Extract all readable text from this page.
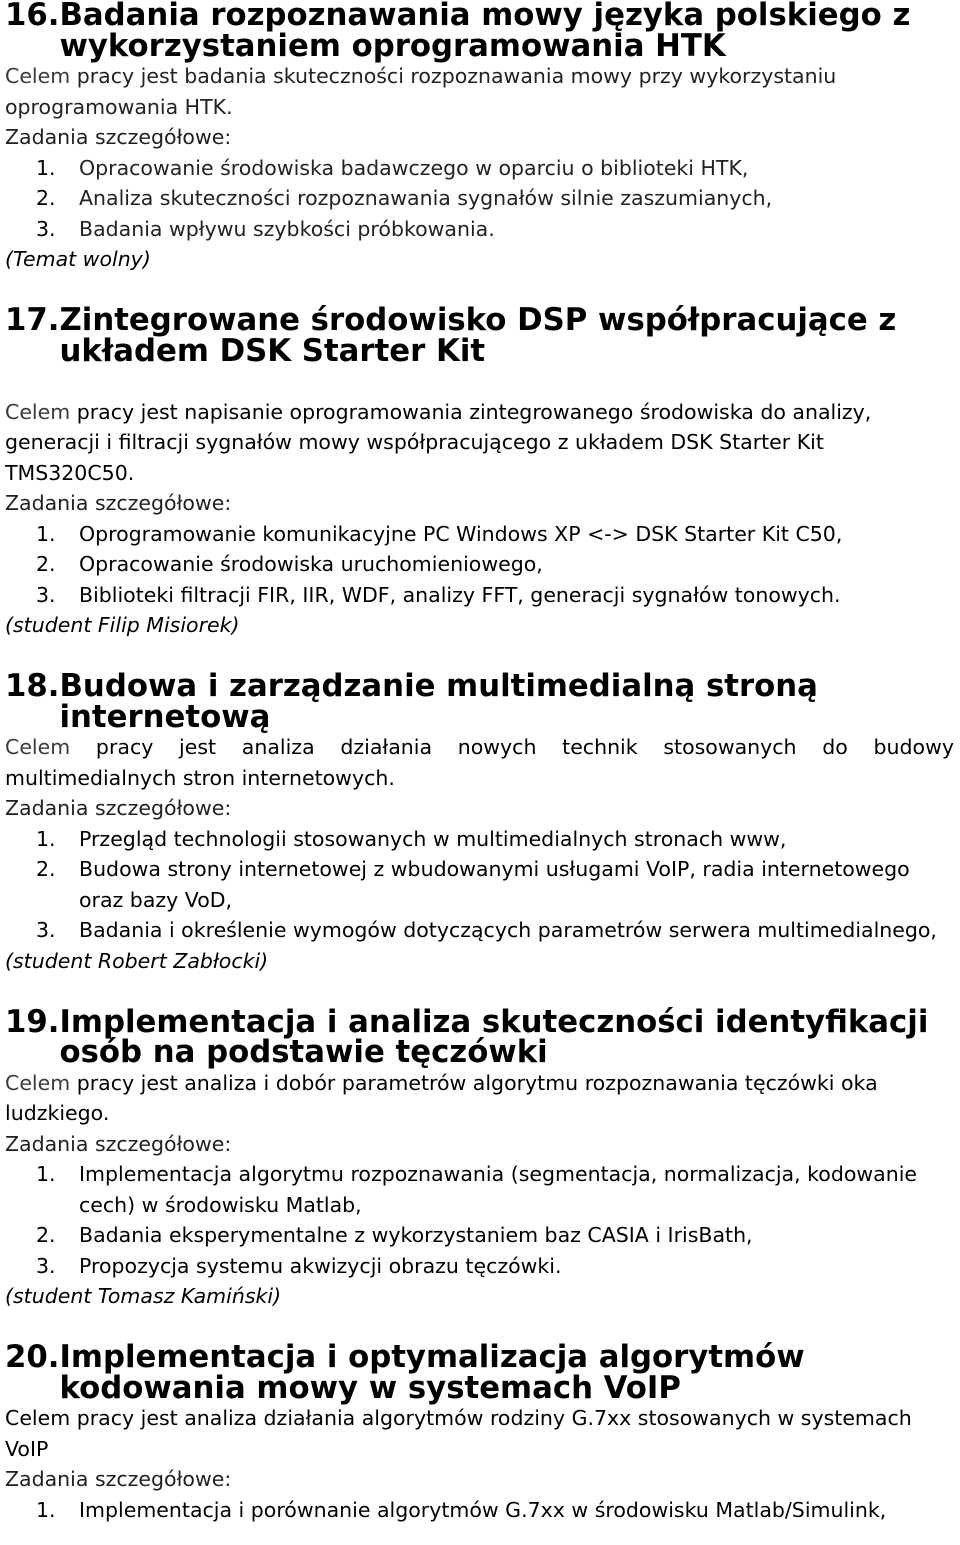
16. Badania rozpoznawania mowy języka polskiego z wykorzystaniem oprogramowania HTK

Celem pracy jest badania skuteczności rozpoznawania mowy przy wykorzystaniu oprogramowania HTK.

Zadania szczegółowe:

1.	Opracowanie środowiska badawczego w oparciu o biblioteki HTK,
2.	Analiza skuteczności rozpoznawania sygnałów silnie zaszumianych,
3.	Badania wpływu szybkości próbkowania.

(Temat wolny)

17. Zintegrowane środowisko DSP współpracujące z układem DSK Starter Kit

Celem pracy jest napisanie oprogramowania zintegrowanego środowiska do analizy, generacji i filtracji sygnałów mowy współpracującego z układem DSK Starter Kit TMS320C50.

Zadania szczegółowe:

1.	Oprogramowanie komunikacyjne PC Windows XP <-> DSK Starter Kit C50,
2.	Opracowanie środowiska uruchomieniowego,
3.	Biblioteki filtracji FIR, IIR, WDF, analizy FFT, generacji sygnałów tonowych.

(student Filip Misiorek)

18. Budowa i zarządzanie multimedialną stroną internetową

Celem pracy jest analiza działania nowych technik stosowanych do budowy multimedialnych stron internetowych.

Zadania szczegółowe:

1.	Przegląd technologii stosowanych w multimedialnych stronach www,
2.	Budowa strony internetowej z wbudowanymi usługami VoIP, radia internetowego oraz bazy VoD,
3.	Badania i określenie wymogów dotyczących parametrów serwera multimedialnego,

(student Robert Zabłocki)

19. Implementacja i analiza skuteczności identyfikacji osób na podstawie tęczówki

Celem pracy jest analiza i dobór parametrów algorytmu rozpoznawania tęczówki oka ludzkiego.

Zadania szczegółowe:

1.	Implementacja algorytmu rozpoznawania (segmentacja, normalizacja, kodowanie cech) w środowisku Matlab,
2.	Badania eksperymentalne z wykorzystaniem baz CASIA i IrisBath,
3.	Propozycja systemu akwizycji obrazu tęczówki.

(student Tomasz Kamiński)

20. Implementacja i optymalizacja algorytmów kodowania mowy w systemach VoIP

Celem pracy jest analiza działania algorytmów rodziny G.7xx stosowanych w systemach VoIP

Zadania szczegółowe:

1.	Implementacja i porównanie algorytmów G.7xx w środowisku Matlab/Simulink,
